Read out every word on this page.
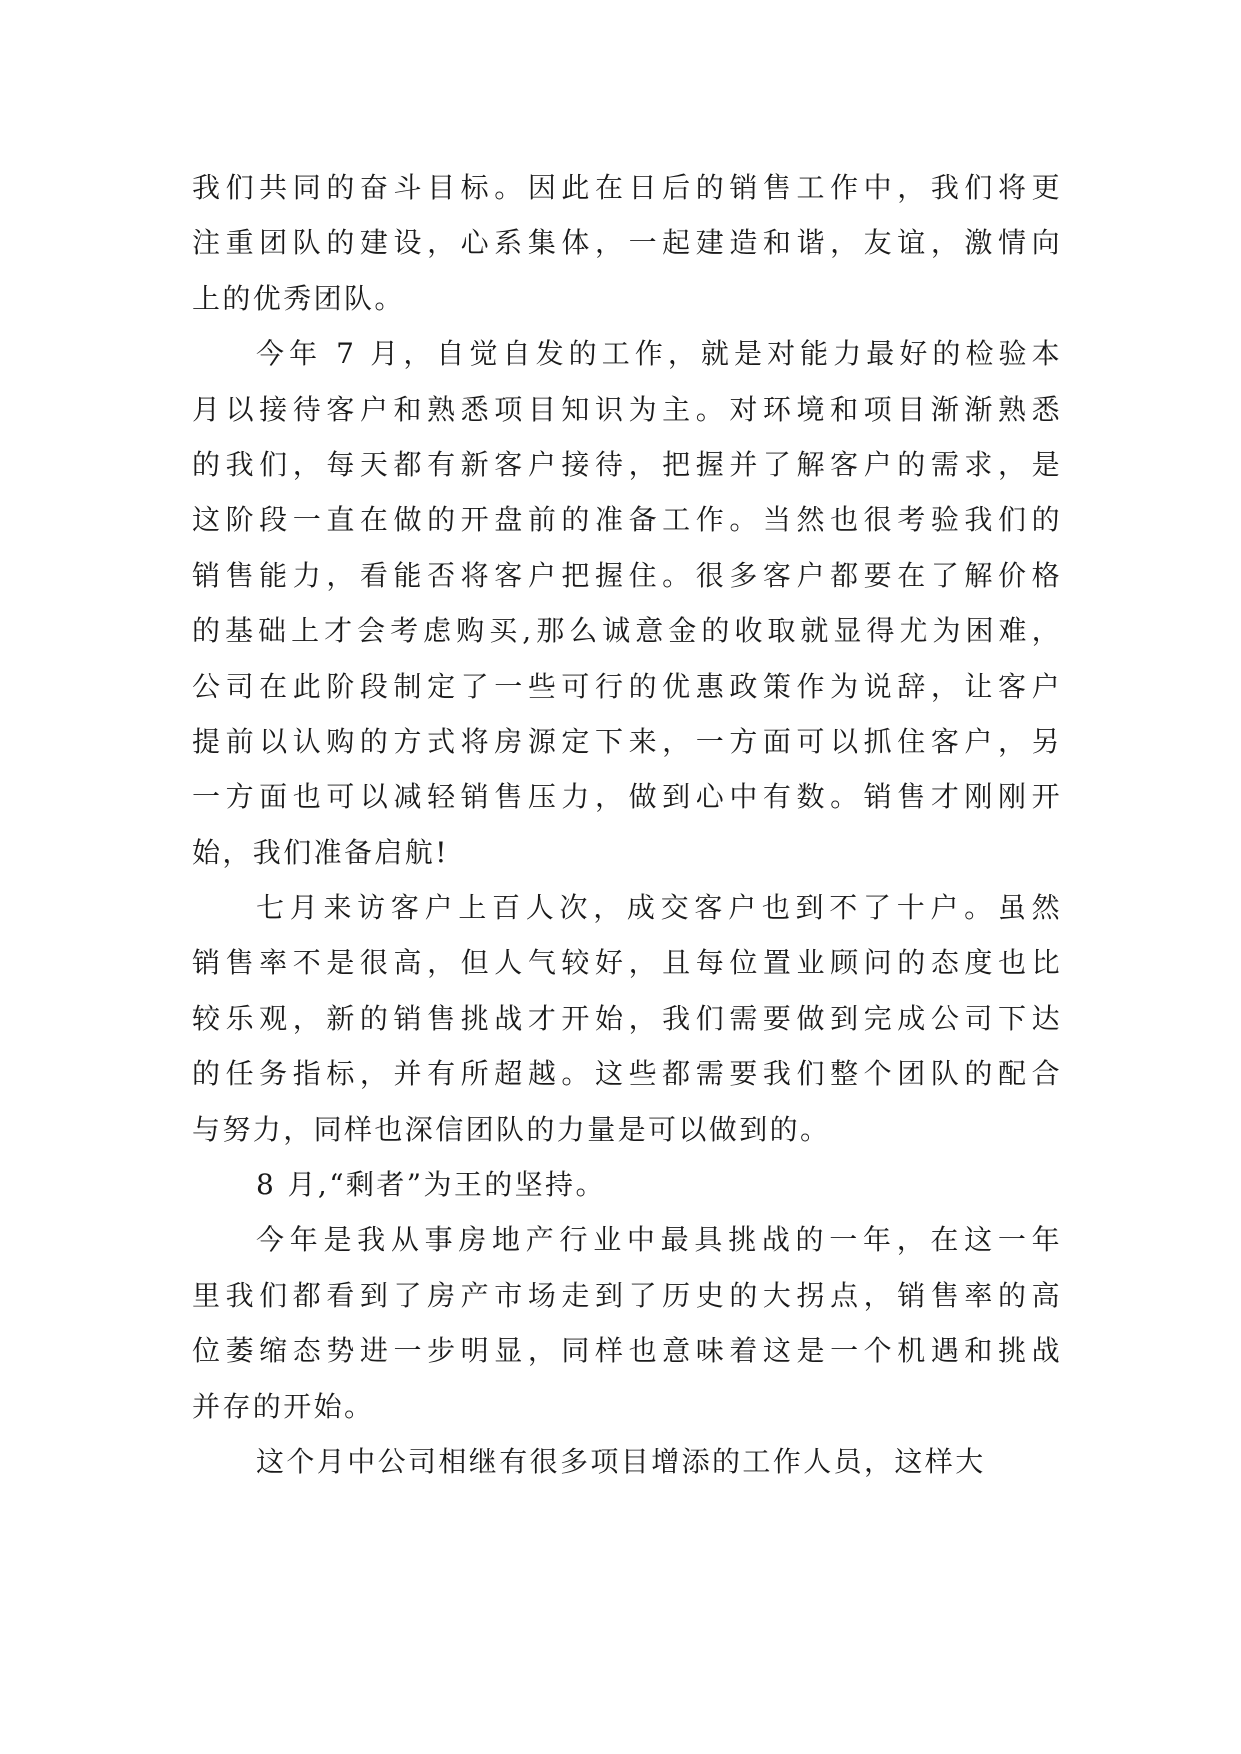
我们共同的奋斗目标。因此在日后的销售工作中，我们将更
注重团队的建设，心系集体，一起建造和谐，友谊，激情向
上的优秀团队。
今年 7 月，自觉自发的工作，就是对能力最好的检验本
月以接待客户和熟悉项目知识为主。对环境和项目渐渐熟悉
的我们，每天都有新客户接待，把握并了解客户的需求，是
这阶段一直在做的开盘前的准备工作。当然也很考验我们的
销售能力，看能否将客户把握住。很多客户都要在了解价格
的基础上才会考虑购买,那么诚意金的收取就显得尤为困难，
公司在此阶段制定了一些可行的优惠政策作为说辞，让客户
提前以认购的方式将房源定下来，一方面可以抓住客户，另
一方面也可以减轻销售压力，做到心中有数。销售才刚刚开
始，我们准备启航!
七月来访客户上百人次，成交客户也到不了十户。虽然
销售率不是很高，但人气较好，且每位置业顾问的态度也比
较乐观，新的销售挑战才开始，我们需要做到完成公司下达
的任务指标，并有所超越。这些都需要我们整个团队的配合
与努力，同样也深信团队的力量是可以做到的。
8 月,“剩者”为王的坚持。
今年是我从事房地产行业中最具挑战的一年，在这一年
里我们都看到了房产市场走到了历史的大拐点，销售率的高
位萎缩态势进一步明显，同样也意味着这是一个机遇和挑战
并存的开始。
这个月中公司相继有很多项目增添的工作人员，这样大
